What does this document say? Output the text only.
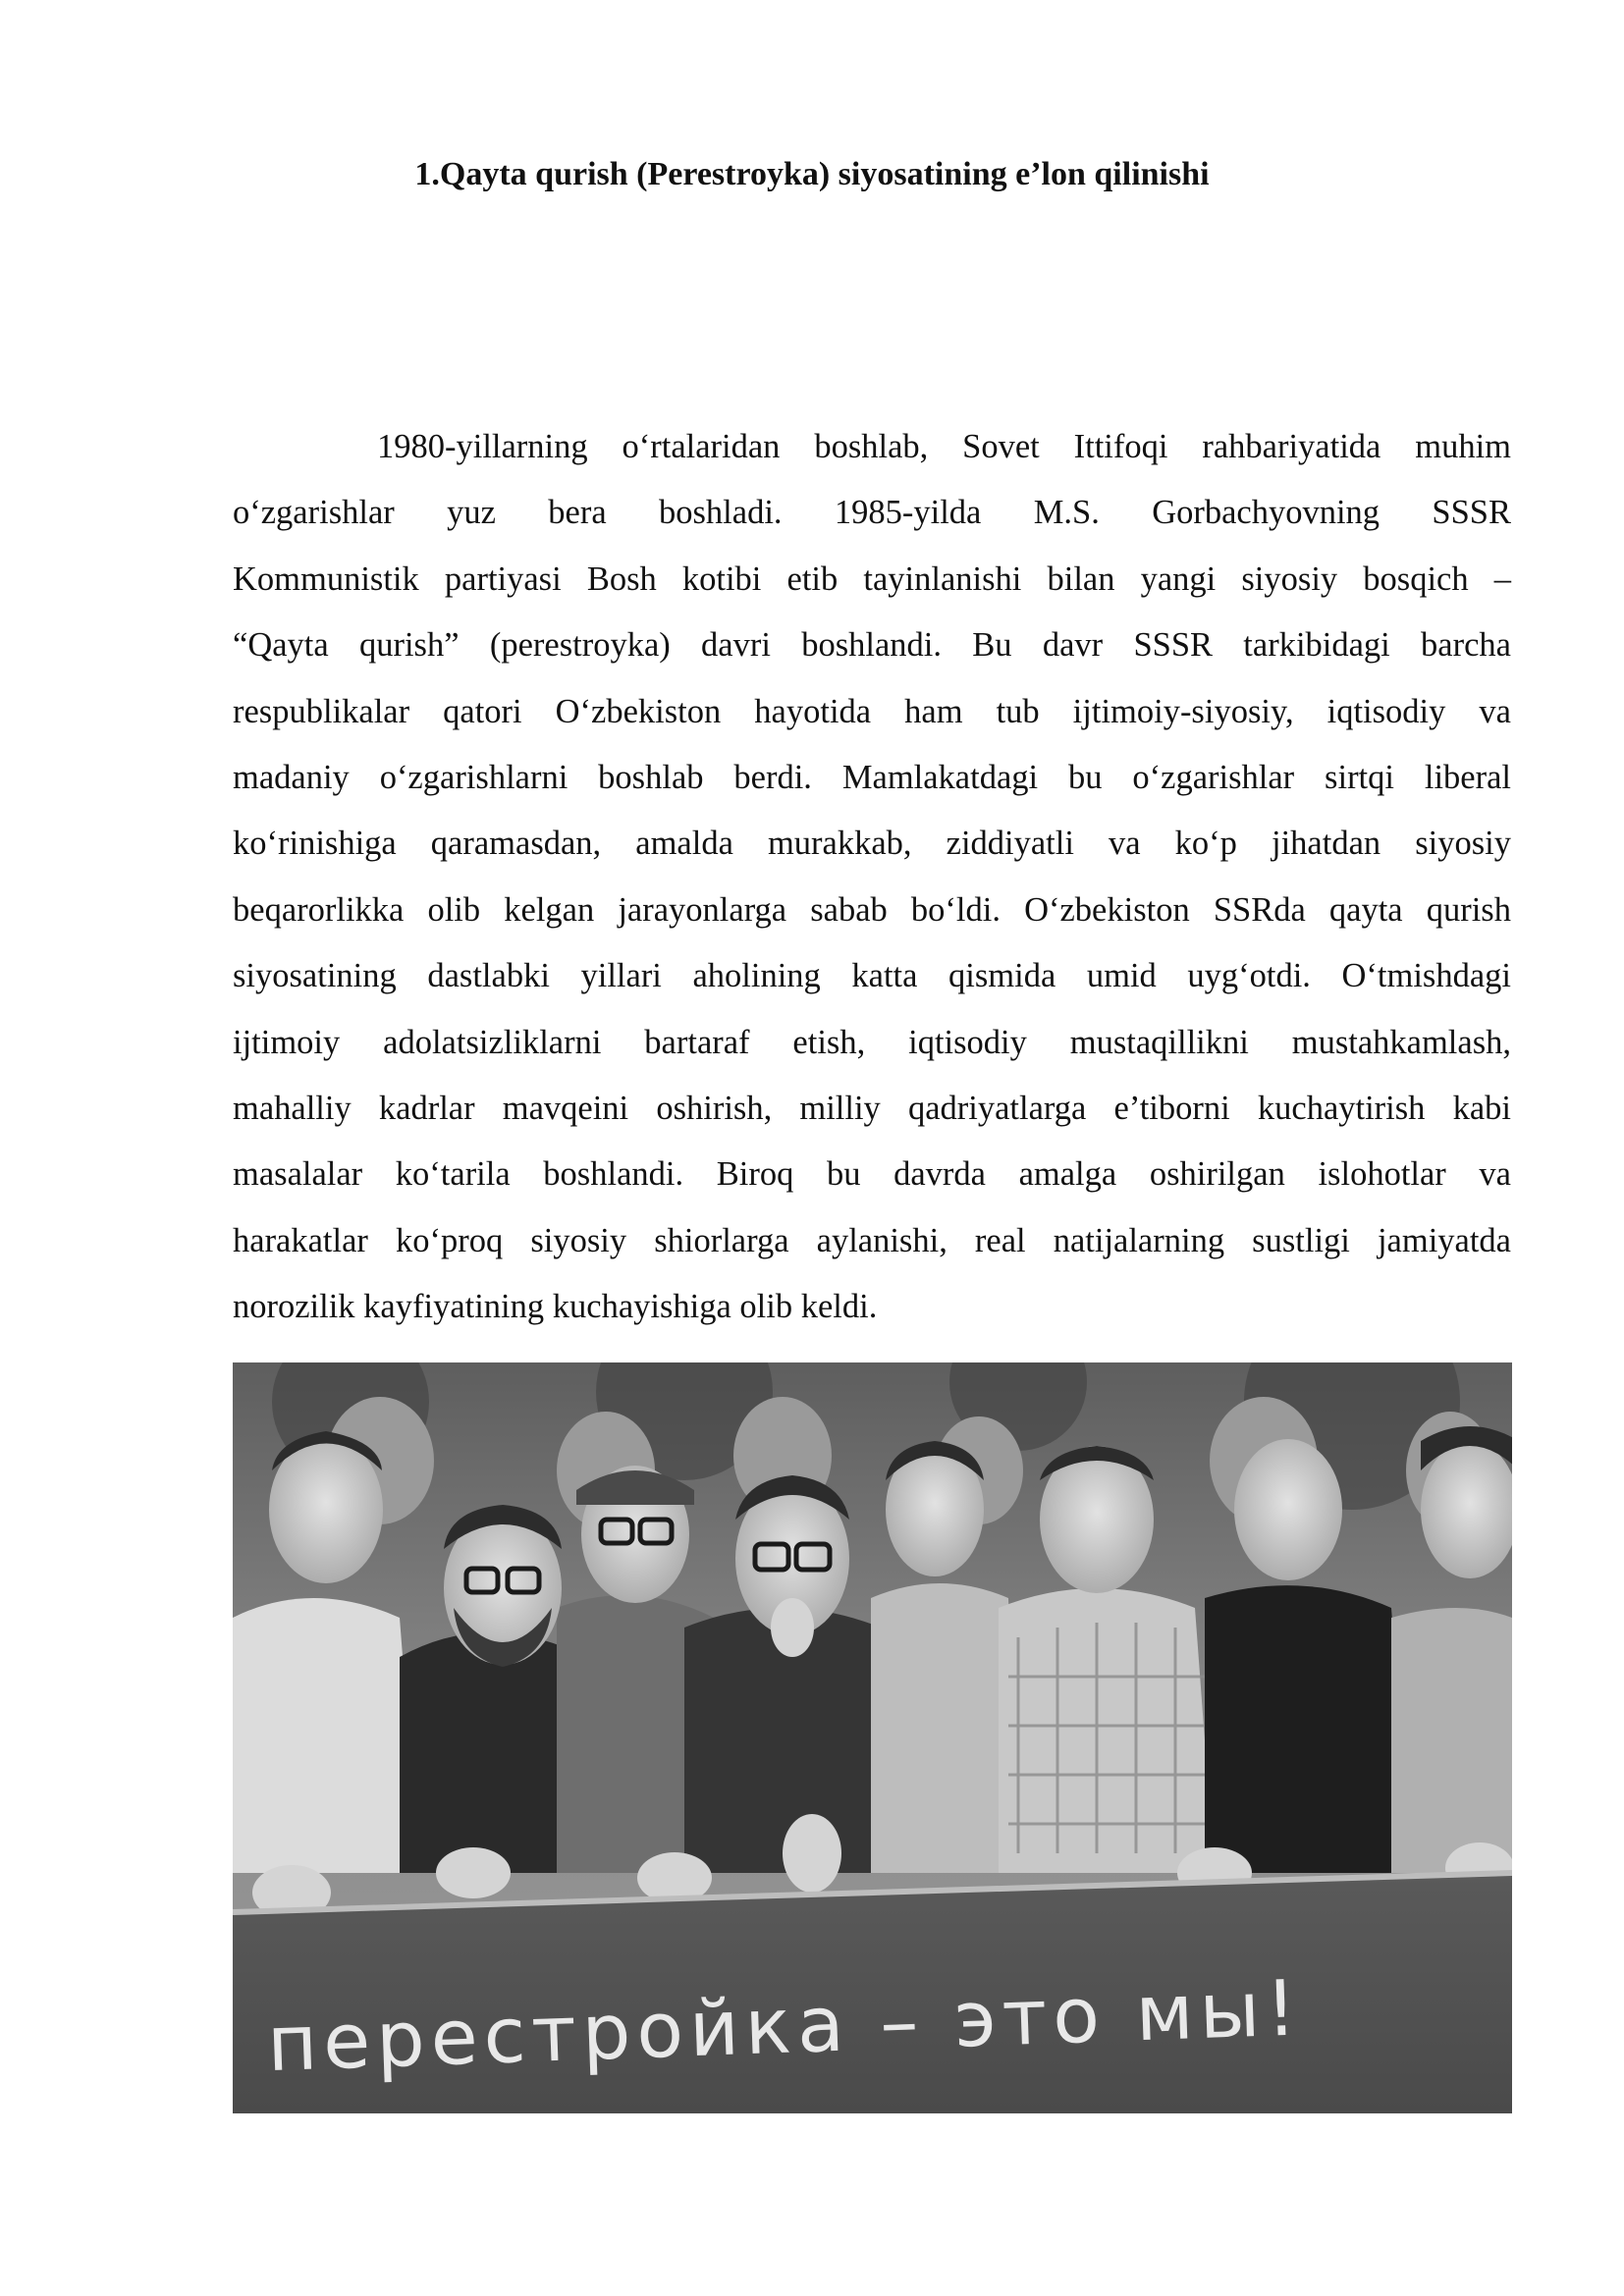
1.Qayta qurish (Perestroyka) siyosatining e’lon qilinishi
1980-yillarning o‘rtalaridan boshlab, Sovet Ittifoqi rahbariyatida muhim
o‘zgarishlar yuz bera boshladi. 1985-yilda M.S. Gorbachyovning SSSR
Kommunistik partiyasi Bosh kotibi etib tayinlanishi bilan yangi siyosiy bosqich –
“Qayta qurish” (perestroyka) davri boshlandi. Bu davr SSSR tarkibidagi barcha
respublikalar qatori O‘zbekiston hayotida ham tub ijtimoiy-siyosiy, iqtisodiy va
madaniy o‘zgarishlarni boshlab berdi. Mamlakatdagi bu o‘zgarishlar sirtqi liberal
ko‘rinishiga qaramasdan, amalda murakkab, ziddiyatli va ko‘p jihatdan siyosiy
beqarorlikka olib kelgan jarayonlarga sabab bo‘ldi. O‘zbekiston SSRda qayta qurish
siyosatining dastlabki yillari aholining katta qismida umid uyg‘otdi. O‘tmishdagi
ijtimoiy adolatsizliklarni bartaraf etish, iqtisodiy mustaqillikni mustahkamlash,
mahalliy kadrlar mavqeini oshirish, milliy qadriyatlarga e’tiborni kuchaytirish kabi
masalalar ko‘tarila boshlandi. Biroq bu davrda amalga oshirilgan islohotlar va
harakatlar ko‘proq siyosiy shiorlarga aylanishi, real natijalarning sustligi jamiyatda
norozilik kayfiyatining kuchayishiga olib keldi.
перестройка – это мы!
